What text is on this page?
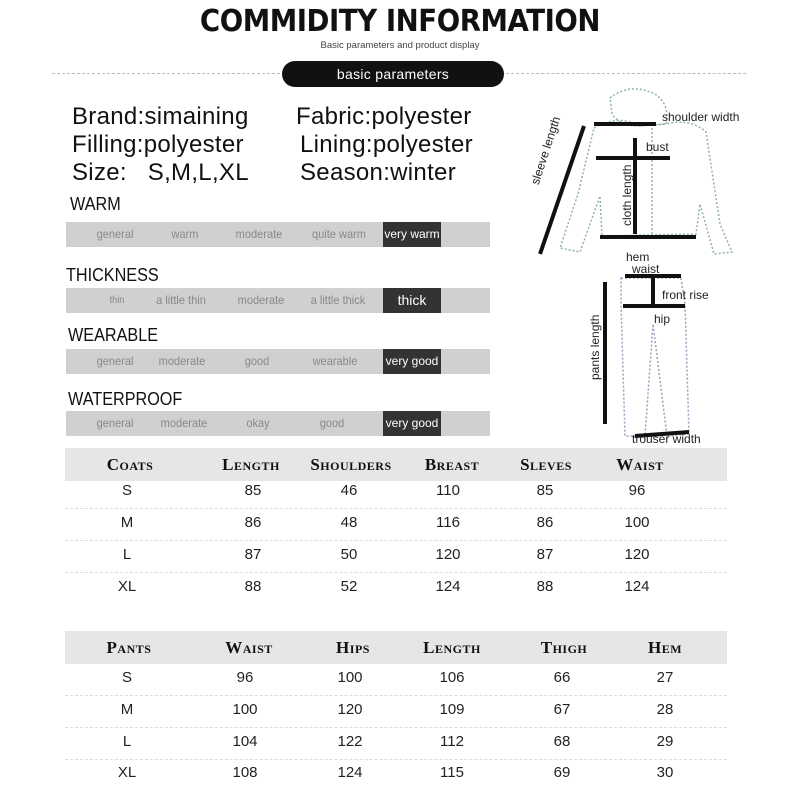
COMMIDITY INFORMATION
Basic parameters and product display
basic parameters
Brand:simaining Fabric:polyester
Filling:polyester Lining:polyester
Size:   S,M,L,XL Season:winter
WARM
general	warm	moderate	quite warm	very warm
THICKNESS
thin	a little thin	moderate	a little thick	thick
WEARABLE
general	moderate	good	wearable	very good
WATERPROOF
general	moderate	okay	good	very good
shoulder width
bust
sleeve length
cloth length
hem
waist
front rise
hip
pants length
trouser width
Coats	Length Shoulders Breast Sleves	Waist
S	85	46	110	85	96
M	86	48	116	86	100
L	87	50	120	87	120
XL	88	52	124	88	124
Pants	Waist	Hips	Length	Thigh	Hem
S	96	100	106	66	27
M	100	120	109	67	28
L	104	122	112	68	29
XL	108	124	115	69	30
